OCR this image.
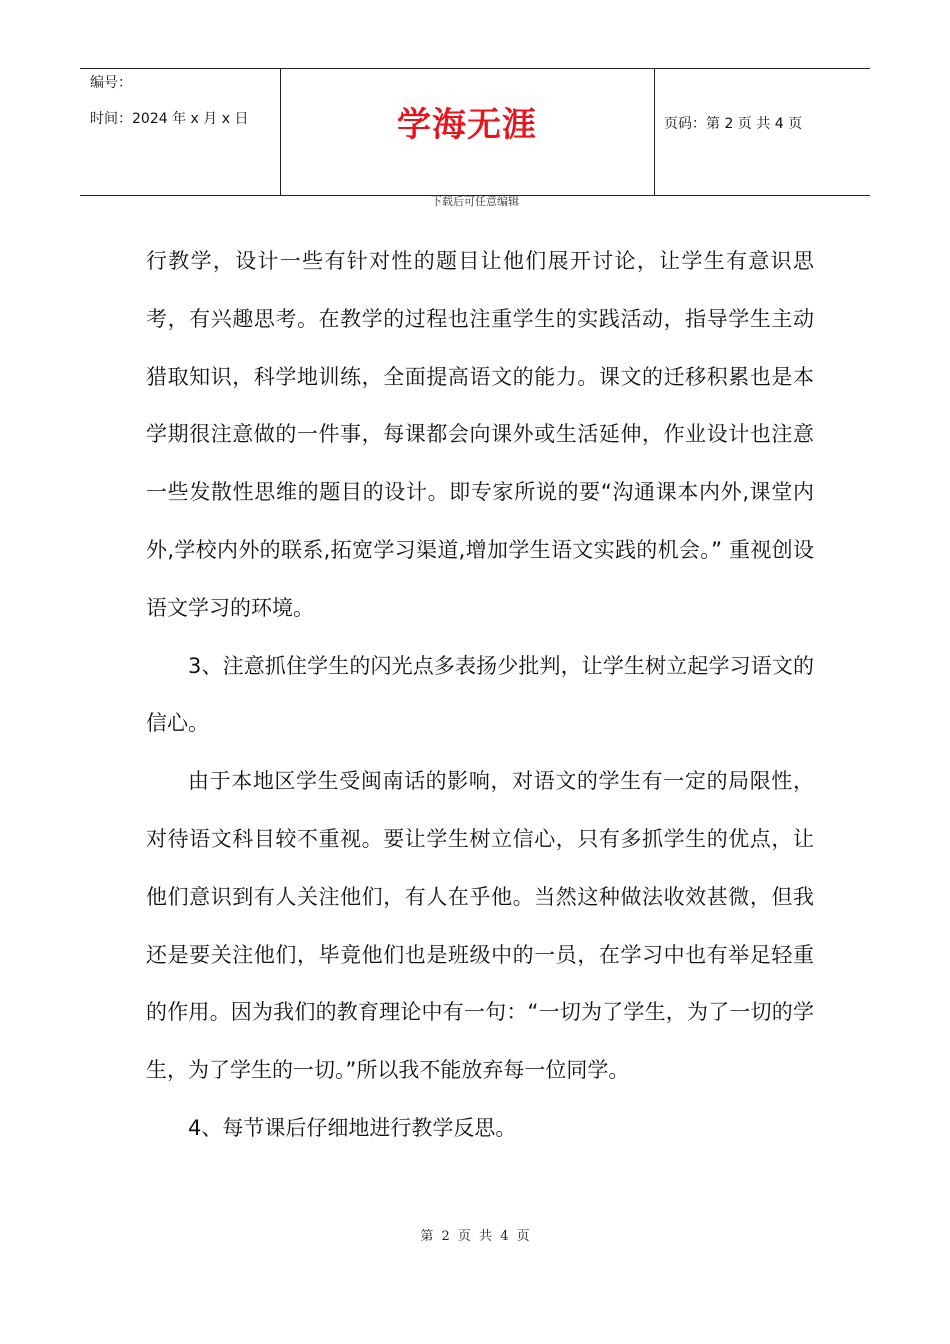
编号：
时间：2024 年 x 月 x 日	学海无涯	页码：第 2 页 共 4 页
下载后可任意编辑

行教学，设计一些有针对性的题目让他们展开讨论，让学生有意识思考，有兴趣思考。在教学的过程也注重学生的实践活动，指导学生主动猎取知识，科学地训练，全面提高语文的能力。课文的迁移积累也是本学期很注意做的一件事，每课都会向课外或生活延伸，作业设计也注意一些发散性思维的题目的设计。即专家所说的要“沟通课本内外,课堂内外,学校内外的联系,拓宽学习渠道,增加学生语文实践的机会。” 重视创设语文学习的环境。

3、注意抓住学生的闪光点多表扬少批判，让学生树立起学习语文的信心。

由于本地区学生受闽南话的影响，对语文的学生有一定的局限性，对待语文科目较不重视。要让学生树立信心，只有多抓学生的优点，让他们意识到有人关注他们，有人在乎他。当然这种做法收效甚微，但我还是要关注他们，毕竟他们也是班级中的一员，在学习中也有举足轻重的作用。因为我们的教育理论中有一句：“一切为了学生，为了一切的学生，为了学生的一切。”所以我不能放弃每一位同学。

4、每节课后仔细地进行教学反思。

第 2 页 共 4 页
